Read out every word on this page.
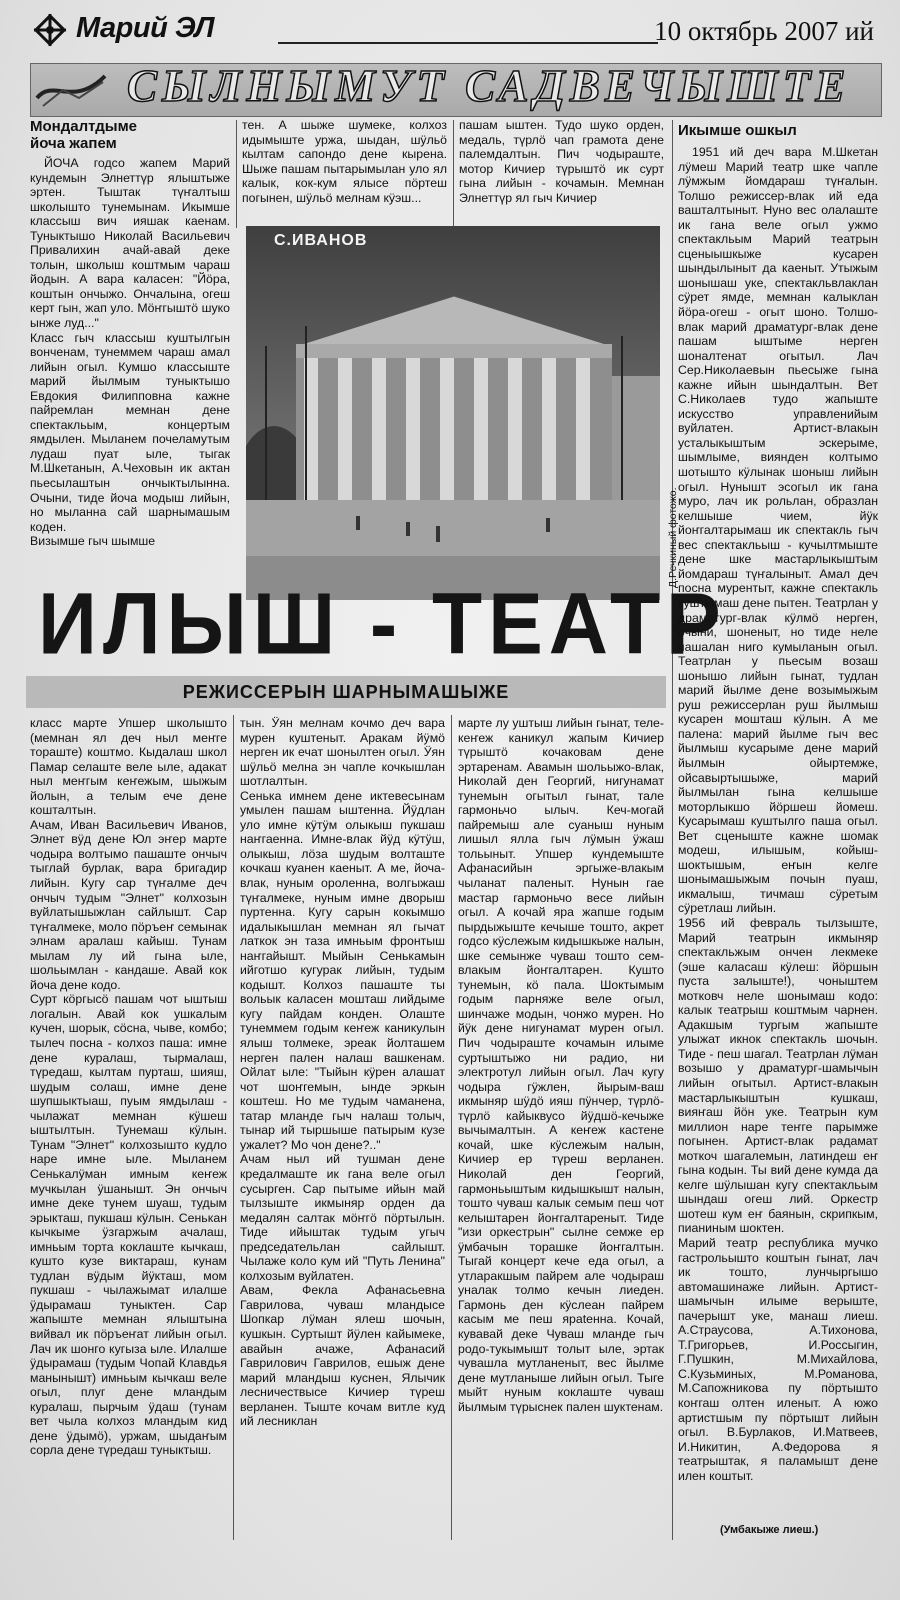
Марий ЭЛ	10 октябрь 2007 ий
СЫЛНЫМУТ САДВЕЧЫШТЕ

Мондалтдыме
йоча жапем

ЙОЧА годсо жапем Марий кундемын Элнеттүр ялыштыже эртен. Тыштак түҥалтыш школышто тунемынам. Икымше классыш вич ияшак каенам. Туныктышо Николай Васильевич Привалихин ачай-авай деке толын, школыш коштмым чараш йодын. А вара каласен: "Йӧра, коштын ончыжо. Ончалына, огеш керт гын, жап уло. Мӧҥгыштӧ шуко ынже луд..."
Класс гыч классыш куштылгын вонченам, тунеммем чараш амал лийын огыл. Кумшо классыште марий йылмым туныктышо Евдокия Филипповна кажне пайремлан мемнан дене спектакльым, концертым ямдылен. Мыланем почеламутым лудаш пуат ыле, тыгак М.Шкетанын, А.Чеховын ик актан пьесылаштын ончыктылынна. Очыни, тиде йоча модыш лийын, но мыланна сай шарнымашым коден.
Визымше гыч шымше

тен. А шыже шумеке, колхоз идымыште уржа, шыдан, шӱльӧ кылтам сапондо дене кырена. Шыже пашам пытарымылан уло ял калык, кок-кум ялысе пӧртеш погынен, шӱльӧ мелнам кӱэш...

пашам ыштен. Тудо шуко орден, медаль, түрлӧ чап грамота дене палемдалтын. Пич чодыраште, мотор Кичиер түрыштӧ ик сурт гына лийын - кочамын. Мемнан Элнеттүр ял гыч Кичиер

С.ИВАНОВ
Д.Речкиный фотожо.
ИЛЫШ - ТЕАТР
РЕЖИССЕРЫН ШАРНЫМАШЫЖЕ

класс марте Упшер школышто (мемнан ял деч ныл меҥге тораште) коштмо. Кыдалаш школ Памар селаште веле ыле, адакат ныл меҥгым кеҥежым, шыжым йолын, а телым ече дене кошталтын.
Ачам, Иван Васильевич Иванов, Элнет вӱд дене Юл эҥер марте чодыра волтымо пашаште ончыч тыглай бурлак, вара бригадир лийын. Кугу сар түҥалме деч ончыч тудым "Элнет" колхозын вуйлатышыжлан сайлышт. Сар түҥалмеке, моло пӧръеҥ семынак элнам аралаш кайыш. Тунам мылам лу ий гына ыле, шольымлан - кандаше. Авай кок йоча дене кодо.
Сурт кӧргысӧ пашам чот ыштыш логалын. Авай кок ушкалым кучен, шорык, сӧсна, чыве, комбо; тылеч посна - колхоз паша: имне дене куралаш, тырмалаш, түредаш, кылтам пурташ, шияш, шудым солаш, имне дене шупшыктыаш, пуым ямдылаш - чылажат мемнан кӱшеш ыштылтын. Тунемаш кӱлын. Тунам "Элнет" колхозышто кудло наре имне ыле. Мыланем Сенькалӱман имным кеҥеж мучкылан ӱшанышт. Эн ончыч имне деке тунем шуаш, тудым эрыкташ, пукшаш кӱлын. Сенькан кычкыме ӱзгаржым ачалаш, имньым торта коклаште кычкаш, куштo кузе виктараш, кунам тудлан вӱдым йӱкташ, мом пукшаш - чылажымат илалше ӱдырамаш туныктен. Сар жапыште мемнан ялыштына вийвал ик пӧръеҥат лийын огыл. Лач ик шонго кугыза ыле. Илалше ӱдырамаш (тудым Чопай Клавдья манынышт) имньым кычкаш веле огыл, плуг дене мландым куралаш, пырчым ӱдаш (тунам вет чыла колхоз мландым кид дене ӱдымӧ), уржам, шыдаҥым сорла дене түредаш туныктыш.

тын. Ӱян мелнам кочмо деч вара мурен куштеныт. Аракам йӱмӧ нерген ик ечат шонылтен огыл. Ӱян шӱльӧ мелна эн чапле кочкышлан шотлалтын.
Сенька имнем дене иктевесынам умылен пашам ыштенна. Йӱдлан уло имне кӱтӱм олыкыш пукшаш наҥгаенна. Имне-влак йӱд кӱтӱш, олыкыш, лӧза шудым волташте кочкаш куанен каеныт. А ме, йоча-влак, нуным ороленна, волгыжаш түҥалмеке, нуным имне двоpыш пуртенна. Кугу сарын кокымшо идалыкышлан мемнан ял гычат латкок эн таза имньым фронтыш наҥгайышт. Мыйын Сенькамын ийготшо кугурак лийын, тудым кодышт. Колхоз пашаште ты вольык каласен мошташ лийдыме кугу пайдам конден. Олаште тунеммем годым кеҥеж каникулын ялыш толмеке, эреак йолташем нерген пален налаш вашкенам. Ойлат ыле: "Тыйын кӱрен алашат чот шоҥгемын, ынде эркын коштеш. Но ме тудым чаманена, татар мланде гыч налаш толыч, тынар ий тыршыше патырым кузе ужалет? Мо чон дене?.."
Ачам ныл ий тушман дене кредалмаште ик гана веле огыл сусырген. Сар пытыме ийын май тылзыште икмыняр орден да медалян салтак мӧҥгӧ пӧртылын. Тиде ийыштак тудым угыч председательлан сайлышт. Чылаже коло кум ий "Путь Ленина" колхозым вуйлатен.
Авам, Фекла Афанасьевна Гаврилова, чуваш мландысе Шопкар лӱман ялеш шочын, кушкын. Суртышт йӱлен кайымеке, авайын ачаже, Афанасий Гаврилович Гаврилов, ешыж дене марий мландыш куснен, Ялычик лесничествысе Кичиер түреш верланен. Тыште кочам витле куд ий лесниклан

марте лу уштыш лийын гынат, теле-кеҥеж каникул жапым Кичиер түрыштӧ кочаковам дене эртаренам. Авамын шольыжо-влак, Николай ден Георгий, нигунамат тунемын огытыл гынат, тале гармоньчо ылыч. Кеч-могай пайремыш але суаныш нуным лишыл ялла гыч лӱмын ӱжаш тольыныт. Упшер кундемыште Афанасийын эргыже-влакым чыланат паленыт. Нунын гае мастар гармоньчо весе лийын огыл. А кочай яра жапше годым пырдыжыште кечыше тошто, акрет годсо кӱслежым кидышкыже налын, шке семынже чуваш тошто сем-влакым йоҥгалтарен. Кушто тунемын, кӧ пала. Шоктымым годым парняже веле огыл, шинчаже модын, чонжо мурен. Но йӱк дене нигунамат мурен огыл. Пич чодыраште кочамын илыме суртыштыжо ни радио, ни электротул лийын огыл. Лач кугу чодыра гӱжлен, йырым-ваш икмыняр шӱдӧ ияш пӱнчер, түрлӧ-түрлӧ кайыквусо йӱдшӧ-кечыже вычымалтын. А кеҥеж кастене кочай, шке кӱслежым налын, Кичиер ер түреш верланен. Николай ден Георгий, гармоньыштым кидышкышт налын, тошто чуваш калык семым пеш чот келыштарен йоҥгалтареныт. Тиде "изи оркестрын" сылне семже ер ӱмбачын торашке йоҥгалтын. Тыгай концерт кече еда огыл, а утларакшым пайрем але чодыраш уналак толмо кечын лиеден. Гармонь ден кӱслеан пайрем касым ме пеш яраtенна. Кочай, кувавай деке Чуваш мланде гыч родо-тукымышт толыт ыле, эртак чувашла мутланеныт, вес йылме дене мутланыше лийын огыл. Тыге мыйт нуным коклаште чуваш йылмым түрыснек пален шуктенам.

Икымше ошкыл

1951 ий деч вара М.Шкетан лӱмеш Марий театр шке чапле лӱмжым йомдараш түҥалын. Толшо режиссер-влак ий еда вашталтыныт. Нуно вес олалаште ик гана веле огыл ужмо спектакльым Марий театрын сценыышкыже кусарен шындылыныт да каеныт. Утыжым шонышаш уке, спектакльвлаклан сӱрет ямде, мемнан калыклан йӧра-огеш - огыт шоно. Толшо-влак марий драматург-влак дене пашам ыштыме нерген шоналтенат огытыл. Лач Сер.Николаевын пьесыже гына кажне ийын шындалтын. Вет С.Николаев тудо жапыште искусство управленийым вуйлатен. Артист-влакын усталыкыштым эскерыме, шымлыме, виянден колтымо шотышто кӱлынак шоныш лийын огыл. Нунышт эсогыл ик гана муро, лач ик рольлан, образлан келшыше чием, йӱк йоҥгалтарымаш ик спектакль гыч вес спектакльыш - кучылтмыште дене шке мастарлыкыштым йомдараш түҥалыныт. Амал деч посна мурентыт, кажне спектакль куштымаш дене пытен. Театрлан у драматург-влак кӱлмӧ нерген, очыни, шоненыт, но тиде неле пашалан ниго кумыланын огыл. Театрлан у пьесым возаш шонышо лийын гынат, тудлан марий йылме дене возымыжым руш режиссерлан руш йылмыш кусарен мошташ кӱлын. А ме палена: марий йылме гыч вес йылмыш кусарыме дене марий йылмын ойыртемже, ойсавыртышыже, марий йылмылан гына келшыше моторлыкшо йӧршеш йомеш. Кусарымаш куштылго паша огыл. Вет сценыште кажне шомак модеш, илышым, койыш-шоктышым, еҥын келге шонымашыжым почын пуаш, икмалыш, тичмаш сӱретым сӱретлаш лийын.
1956 ий февраль тылзыште, Марий театрын икмыняр спектакльжым ончен лекмеке (эше каласаш кӱлеш: йӧршын пуста залыште!), чоныштем мотковч неле шонымаш кодо: калык театрыш коштмым чарнен. Адакшым тургым жапыште улыжат икнок спектакль шочын. Тиде - пеш шагал. Театрлан лӱман возышо у драматург-шамычын лийын огытыл. Артист-влакын мастарлыкыштын кушкаш, вияҥаш йӧн уке. Театрын кум миллион наре теҥге парымже погынен. Артист-влак радамат моткоч шагалемын, латиндеш еҥ гына кодын. Ты вий дене кумда да келге шӱлышан кугу спектакльым шындаш огеш лий. Оркестр шотеш кум еҥ баянын, скрипкым, пианиным шоктен.
Марий театр республика мучко гастрольышто коштын гынат, лач ик тошто, лунчыргышо автомашинаже лийын. Артист-шамычын илыме верыште, пачерышт уке, манаш лиеш. А.Страусова, А.Тихонова, Т.Григорьев, И.Россыгин, Г.Пушкин, М.Михайлова, С.Кузьминых, М.Романова, М.Сапожникова пу пӧртышто коҥгаш олтен иленыт. А южо артистшым пу пӧртышт лийын огыл. В.Бурлаков, И.Матвеев, И.Никитин, А.Федорова я театрыштак, я паламышт дене илен коштыт.

(Умбакыже лиеш.)
